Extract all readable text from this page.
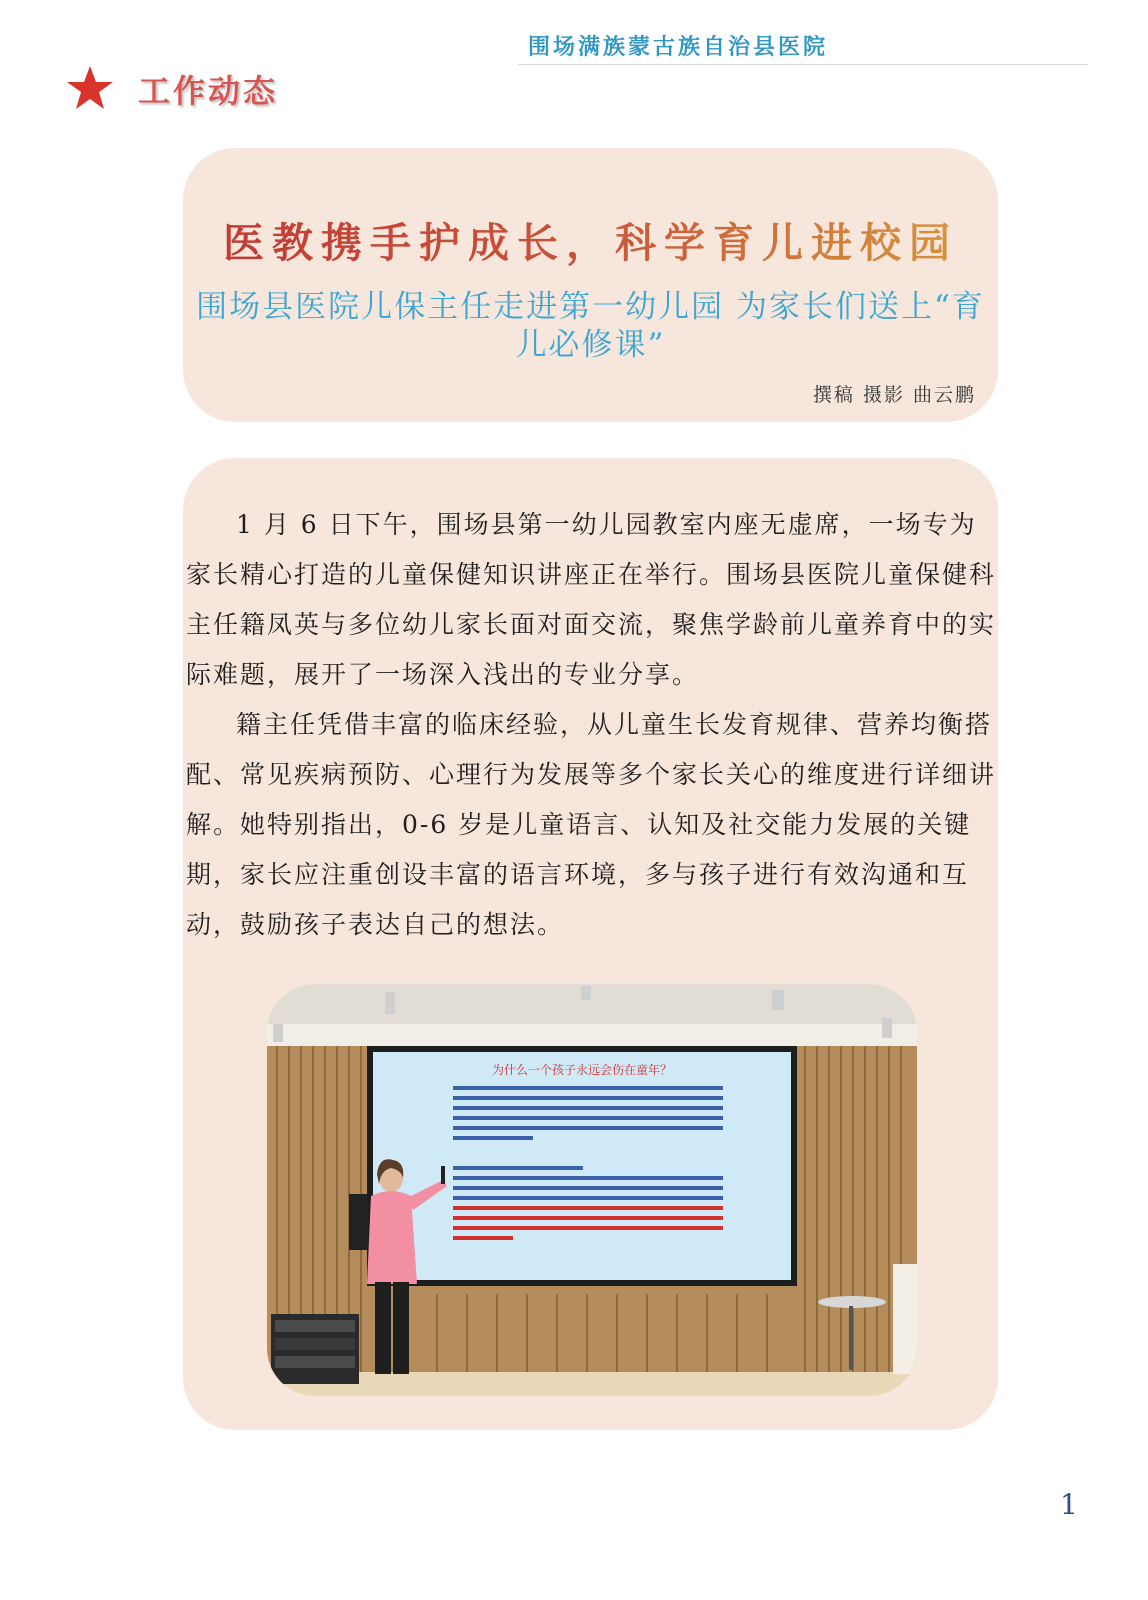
围场满族蒙古族自治县医院
工作动态
医教携手护成长，科学育儿进校园
围场县医院儿保主任走进第一幼儿园 为家长们送上“育儿必修课”
撰稿 摄影 曲云鹏

1 月 6 日下午，围场县第一幼儿园教室内座无虚席，一场专为家长精心打造的儿童保健知识讲座正在举行。围场县医院儿童保健科主任籍凤英与多位幼儿家长面对面交流，聚焦学龄前儿童养育中的实际难题，展开了一场深入浅出的专业分享。

籍主任凭借丰富的临床经验，从儿童生长发育规律、营养均衡搭配、常见疾病预防、心理行为发展等多个家长关心的维度进行详细讲解。她特别指出，0-6 岁是儿童语言、认知及社交能力发展的关键期，家长应注重创设丰富的语言环境，多与孩子进行有效沟通和互动，鼓励孩子表达自己的想法。

为什么一个孩子永远会伤在童年？
1
